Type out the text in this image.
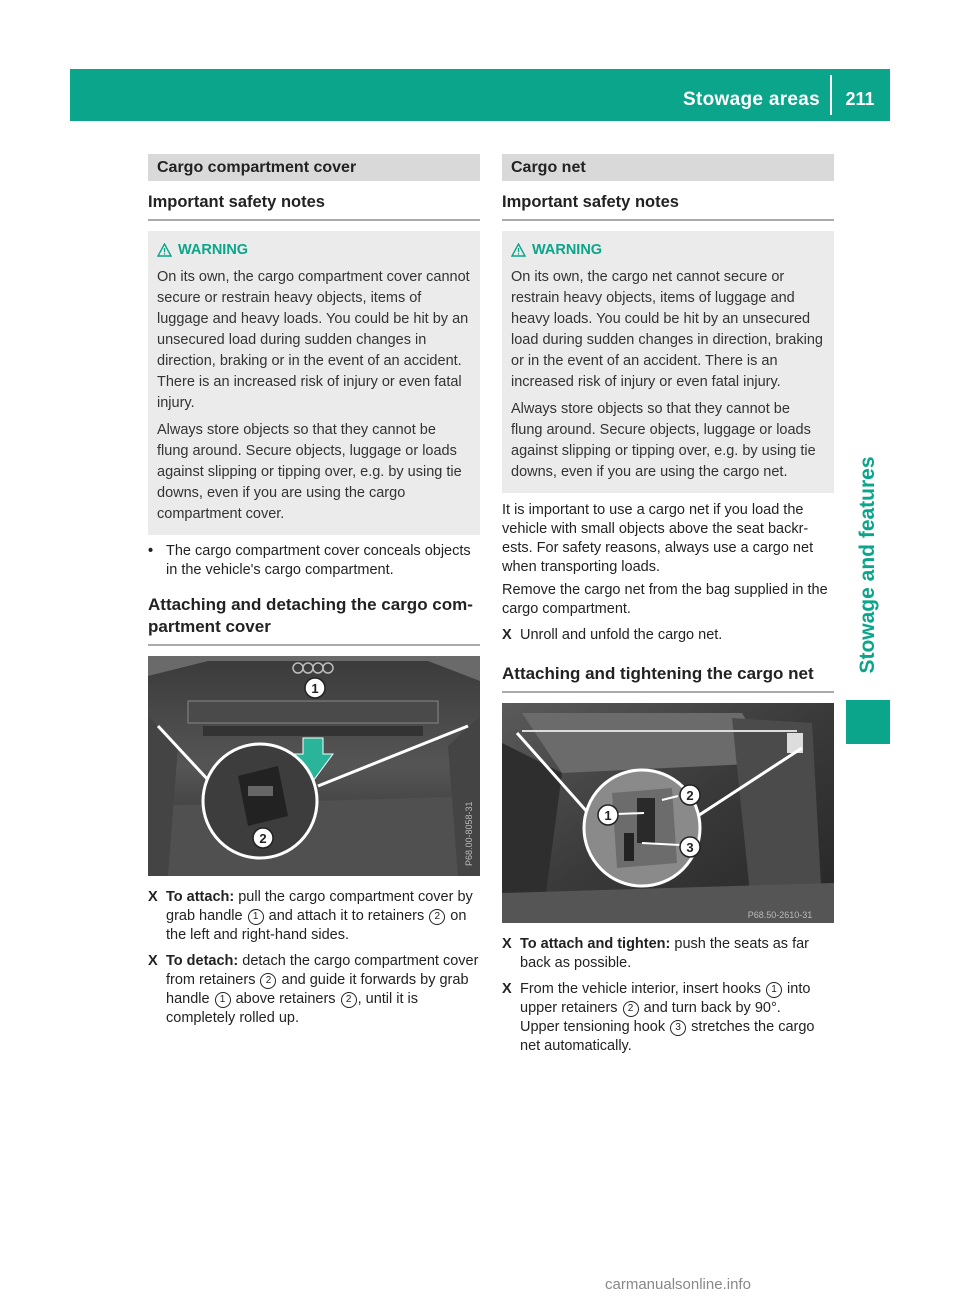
Stowage areas	211
Stowage and features
Cargo compartment cover
Important safety notes
WARNING

On its own, the cargo compartment cover cannot secure or restrain heavy objects, items of luggage and heavy loads. You could be hit by an unsecured load during sudden changes in direction, braking or in the event of an accident. There is an increased risk of injury or even fatal injury.

Always store objects so that they cannot be flung around. Secure objects, luggage or loads against slipping or tipping over, e.g. by using tie downs, even if you are using the cargo compartment cover.

• The cargo compartment cover conceals objects in the vehicle's cargo compartment.
Attaching and detaching the cargo com- partment cover
1
2	P68.00-8058-31
X To attach: pull the cargo compartment cover by grab handle 1 and attach it to retainers 2 on the left and right-hand sides.
X To detach: detach the cargo compartment cover from retainers 2 and guide it forwards by grab handle 1 above retainers 2 , until it is completely rolled up.
Cargo net
Important safety notes
WARNING

On its own, the cargo net cannot secure or restrain heavy objects, items of luggage and heavy loads. You could be hit by an unsecured load during sudden changes in direction, braking or in the event of an accident. There is an increased risk of injury or even fatal injury.

Always store objects so that they cannot be flung around. Secure objects, luggage or loads against slipping or tipping over, e.g. by using tie downs, even if you are using the cargo net.

It is important to use a cargo net if you load the vehicle with small objects above the seat backr- ests. For safety reasons, always use a cargo net when transporting loads.

Remove the cargo net from the bag supplied in the cargo compartment.

X Unroll and unfold the cargo net.
Attaching and tightening the cargo net
1
2
3
P68.50-2610-31
X To attach and tighten: push the seats as far back as possible.
X From the vehicle interior, insert hooks 1 into upper retainers 2 and turn back by 90°.
Upper tensioning hook 3 stretches the cargo net automatically.
carmanualsonline.info
